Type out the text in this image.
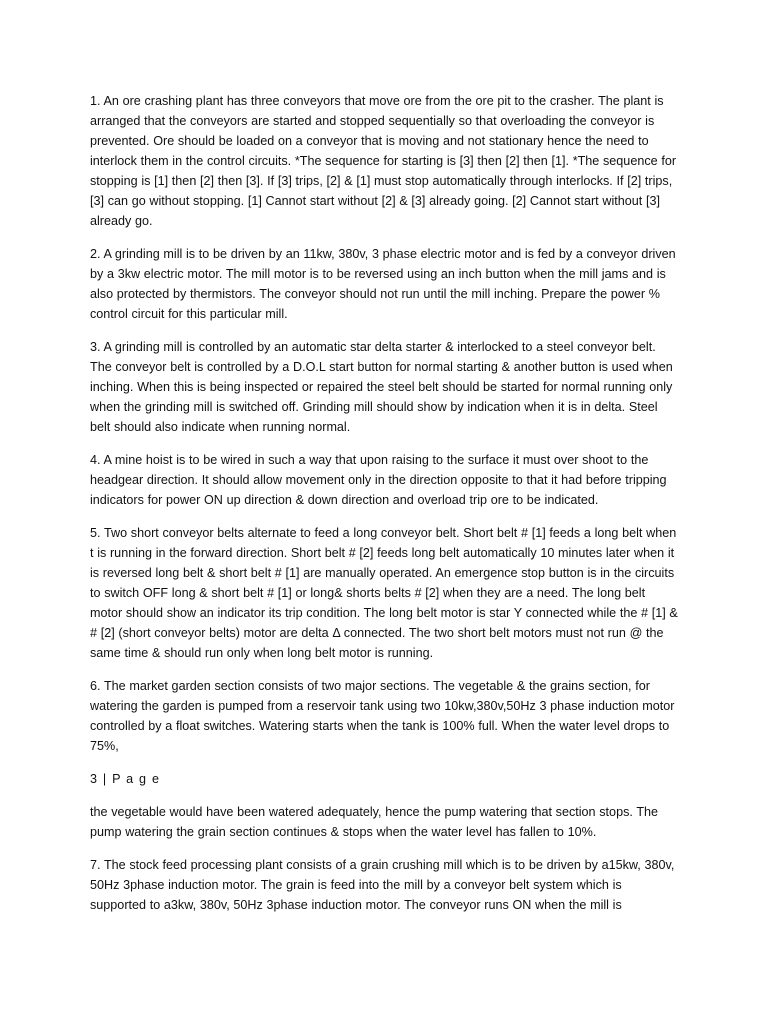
1. An ore crashing plant has three conveyors that move ore from the ore pit to the crasher. The plant is arranged that the conveyors are started and stopped sequentially so that overloading the conveyor is prevented. Ore should be loaded on a conveyor that is moving and not stationary hence the need to interlock them in the control circuits. *The sequence for starting is [3] then [2] then [1]. *The sequence for stopping is [1] then [2] then [3]. If [3] trips, [2] & [1] must stop automatically through interlocks. If [2] trips, [3] can go without stopping. [1] Cannot start without [2] & [3] already going. [2] Cannot start without [3] already go.

2. A grinding mill is to be driven by an 11kw, 380v, 3 phase electric motor and is fed by a conveyor driven by a 3kw electric motor. The mill motor is to be reversed using an inch button when the mill jams and is also protected by thermistors. The conveyor should not run until the mill inching. Prepare the power % control circuit for this particular mill.

3. A grinding mill is controlled by an automatic star delta starter & interlocked to a steel conveyor belt. The conveyor belt is controlled by a D.O.L start button for normal starting & another button is used when inching. When this is being inspected or repaired the steel belt should be started for normal running only when the grinding mill is switched off. Grinding mill should show by indication when it is in delta. Steel belt should also indicate when running normal.

4. A mine hoist is to be wired in such a way that upon raising to the surface it must over shoot to the headgear direction. It should allow movement only in the direction opposite to that it had before tripping indicators for power ON up direction & down direction and overload trip ore to be indicated.

5. Two short conveyor belts alternate to feed a long conveyor belt. Short belt # [1] feeds a long belt when t is running in the forward direction. Short belt # [2] feeds long belt automatically 10 minutes later when it is reversed long belt & short belt # [1] are manually operated. An emergence stop button is in the circuits to switch OFF long & short belt # [1] or long& shorts belts # [2] when they are a need. The long belt motor should show an indicator its trip condition. The long belt motor is star Y connected while the # [1] & # [2] (short conveyor belts) motor are delta Δ connected. The two short belt motors must not run @ the same time & should run only when long belt motor is running.

6. The market garden section consists of two major sections. The vegetable & the grains section, for watering the garden is pumped from a reservoir tank using two 10kw,380v,50Hz 3 phase induction motor controlled by a float switches. Watering starts when the tank is 100% full. When the water level drops to 75%,

3 | P a g e

the vegetable would have been watered adequately, hence the pump watering that section stops. The pump watering the grain section continues & stops when the water level has fallen to 10%.

7. The stock feed processing plant consists of a grain crushing mill which is to be driven by a15kw, 380v, 50Hz 3phase induction motor. The grain is feed into the mill by a conveyor belt system which is supported to a3kw, 380v, 50Hz 3phase induction motor. The conveyor runs ON when the mill is
